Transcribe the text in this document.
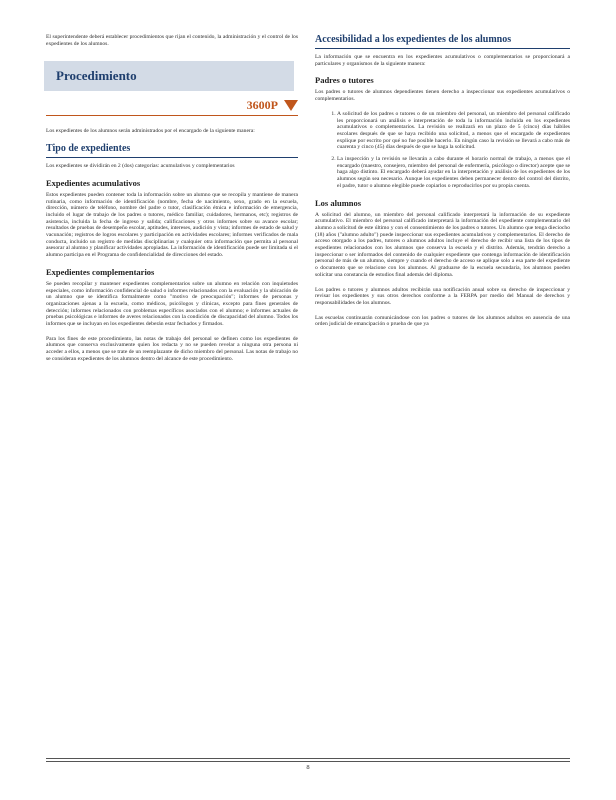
El superintendente deberá establecer procedimientos que rijan el contenido, la administración y el control de los expedientes de los alumnos.

Procedimiento
3600P

Los expedientes de los alumnos serán administrados por el encargado de la siguiente manera:

Tipo de expedientes

Los expedientes se dividirán en 2 (dos) categorías: acumulativos y complementarios

Expedientes acumulativos

Estos expedientes pueden contener toda la información sobre un alumno que se recopila y mantiene de manera rutinaria, como información de identificación (nombre, fecha de nacimiento, sexo, grado en la escuela, dirección, número de teléfono, nombre del padre o tutor, clasificación étnica e información de emergencia, incluido el lugar de trabajo de los padres o tutores, médico familiar, cuidadores, hermanos, etc); registros de asistencia, incluida la fecha de ingreso y salida; calificaciones y otros informes sobre su avance escolar; resultados de pruebas de desempeño escolar, aptitudes, intereses, audición y vista; informes de estado de salud y vacunación; registros de logros escolares y participación en actividades escolares; informes verificados de mala conducta, incluido un registro de medidas disciplinarias y cualquier otra información que permita al personal asesorar al alumno y planificar actividades apropiadas. La información de identificación puede ser limitada si el alumno participa en el Programa de confidencialidad de direcciones del estado.

Expedientes complementarios

Se pueden recopilar y mantener expedientes complementarios sobre un alumno en relación con inquietudes especiales, como información confidencial de salud o informes relacionados con la evaluación y la ubicación de un alumno que se identifica formalmente como "motivo de preocupación"; informes de personas y organizaciones ajenas a la escuela, como médicos, psicólogos y clínicas, excepto para fines generales de detección; informes relacionados con problemas específicos asociados con el alumno; e informes actuales de pruebas psicológicas e informes de averes relacionados con la condición de discapacidad del alumno. Todos los informes que se incluyan en los expedientes deberán estar fechados y firmados.

Para los fines de este procedimiento, las notas de trabajo del personal se definen como los expedientes de alumnos que conserva exclusivamente quien los redacta y no se pueden revelar a ninguna otra persona ni acceder a ellos, a menos que se trate de un reemplazante de dicho miembro del personal. Las notas de trabajo no se consideran expedientes de los alumnos dentro del alcance de este procedimiento.

Accesibilidad a los expedientes de los alumnos

La información que se encuentra en los expedientes acumulativos o complementarios se proporcionará a particulares y organismos de la siguiente manera:

Padres o tutores

Los padres o tutores de alumnos dependientes tienen derecho a inspeccionar sus expedientes acumulativos o complementarios.

1. A solicitud de los padres o tutores o de un miembro del personal, un miembro del personal calificado les proporcionará un análisis e interpretación de toda la información incluida en los expedientes acumulativos o complementarios. La revisión se realizará en un plazo de 5 (cinco) días hábiles escolares después de que se haya recibido una solicitud, a menos que el encargado de expedientes explique por escrito por qué no fue posible hacerlo. En ningún caso la revisión se llevará a cabo más de cuarenta y cinco (45) días después de que se haga la solicitud.
2. La inspección y la revisión se llevarán a cabo durante el horario normal de trabajo, a menos que el encargado (maestro, consejero, miembro del personal de enfermería, psicólogo o director) acepte que se haga algo distinto. El encargado deberá ayudar en la interpretación y análisis de los expedientes de los alumnos según sea necesario. Aunque los expedientes deben permanecer dentro del control del distrito, el padre, tutor o alumno elegible puede copiarlos o reproducirlos por su propia cuenta.
Los alumnos

A solicitud del alumno, un miembro del personal calificado interpretará la información de su expediente acumulativo. El miembro del personal calificado interpretará la información del expediente complementario del alumno a solicitud de este último y con el consentimiento de los padres o tutores. Un alumno que tenga dieciocho (18) años ("alumno adulto") puede inspeccionar sus expedientes acumulativos y complementarios. El derecho de acceso otorgado a los padres, tutores o alumnos adultos incluye el derecho de recibir una lista de los tipos de expedientes relacionados con los alumnos que conserva la escuela y el distrito. Además, tendrán derecho a inspeccionar o ser informados del contenido de cualquier expediente que contenga información de identificación personal de más de un alumno, siempre y cuando el derecho de acceso se aplique solo a esa parte del expediente o documento que se relacione con los alumnos. Al graduarse de la escuela secundaria, los alumnos pueden solicitar una constancia de estudios final además del diploma.

Los padres o tutores y alumnos adultos recibirán una notificación anual sobre su derecho de inspeccionar y revisar los expedientes y sus otros derechos conforme a la FERPA por medio del Manual de derechos y responsabilidades de los alumnos.

Las escuelas continuarán comunicándose con los padres o tutores de los alumnos adultos en ausencia de una orden judicial de emancipación o prueba de que ya

8
